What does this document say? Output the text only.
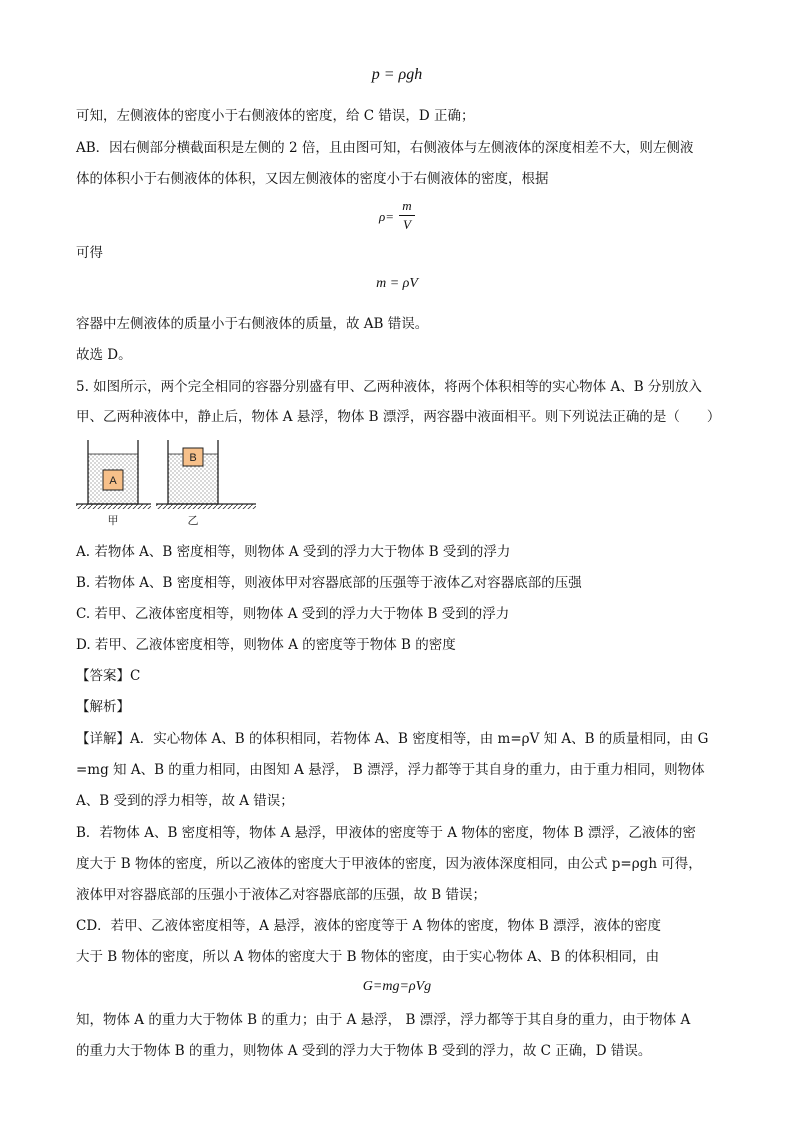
p = ρgh
可知，左侧液体的密度小于右侧液体的密度，给 C 错误，D 正确；
AB．因右侧部分横截面积是左侧的 2 倍，且由图可知，右侧液体与左侧液体的深度相差不大，则左侧液
体的体积小于右侧液体的体积，又因左侧液体的密度小于右侧液体的密度，根据
ρ=
m
V
可得
m = ρV
容器中左侧液体的质量小于右侧液体的质量，故 AB 错误。
故选 D。
5. 如图所示，两个完全相同的容器分别盛有甲、乙两种液体，将两个体积相等的实心物体 A、B 分别放入
甲、乙两种液体中，静止后，物体 A 悬浮，物体 B 漂浮，两容器中液面相平。则下列说法正确的是（　　）
A
B
甲	乙
A. 若物体 A、B 密度相等，则物体 A 受到的浮力大于物体 B 受到的浮力
B. 若物体 A、B 密度相等，则液体甲对容器底部的压强等于液体乙对容器底部的压强
C. 若甲、乙液体密度相等，则物体 A 受到的浮力大于物体 B 受到的浮力
D. 若甲、乙液体密度相等，则物体 A 的密度等于物体 B 的密度
【答案】C
【解析】
【详解】A．实心物体 A、B 的体积相同，若物体 A、B 密度相等，由 m=ρV 知 A、B 的质量相同，由 G
=mg 知 A、B 的重力相同，由图知 A 悬浮， B 漂浮，浮力都等于其自身的重力，由于重力相同，则物体
A、B 受到的浮力相等，故 A 错误；
B．若物体 A、B 密度相等，物体 A 悬浮，甲液体的密度等于 A 物体的密度，物体 B 漂浮，乙液体的密
度大于 B 物体的密度，所以乙液体的密度大于甲液体的密度，因为液体深度相同，由公式 p=ρgh 可得，
液体甲对容器底部的压强小于液体乙对容器底部的压强，故 B 错误；
CD．若甲、乙液体密度相等，A 悬浮，液体的密度等于 A 物体的密度，物体 B 漂浮，液体的密度
大于 B 物体的密度，所以 A 物体的密度大于 B 物体的密度，由于实心物体 A、B 的体积相同，由
G=mg=ρVg
知，物体 A 的重力大于物体 B 的重力；由于 A 悬浮， B 漂浮，浮力都等于其自身的重力，由于物体 A
的重力大于物体 B 的重力，则物体 A 受到的浮力大于物体 B 受到的浮力，故 C 正确，D 错误。
